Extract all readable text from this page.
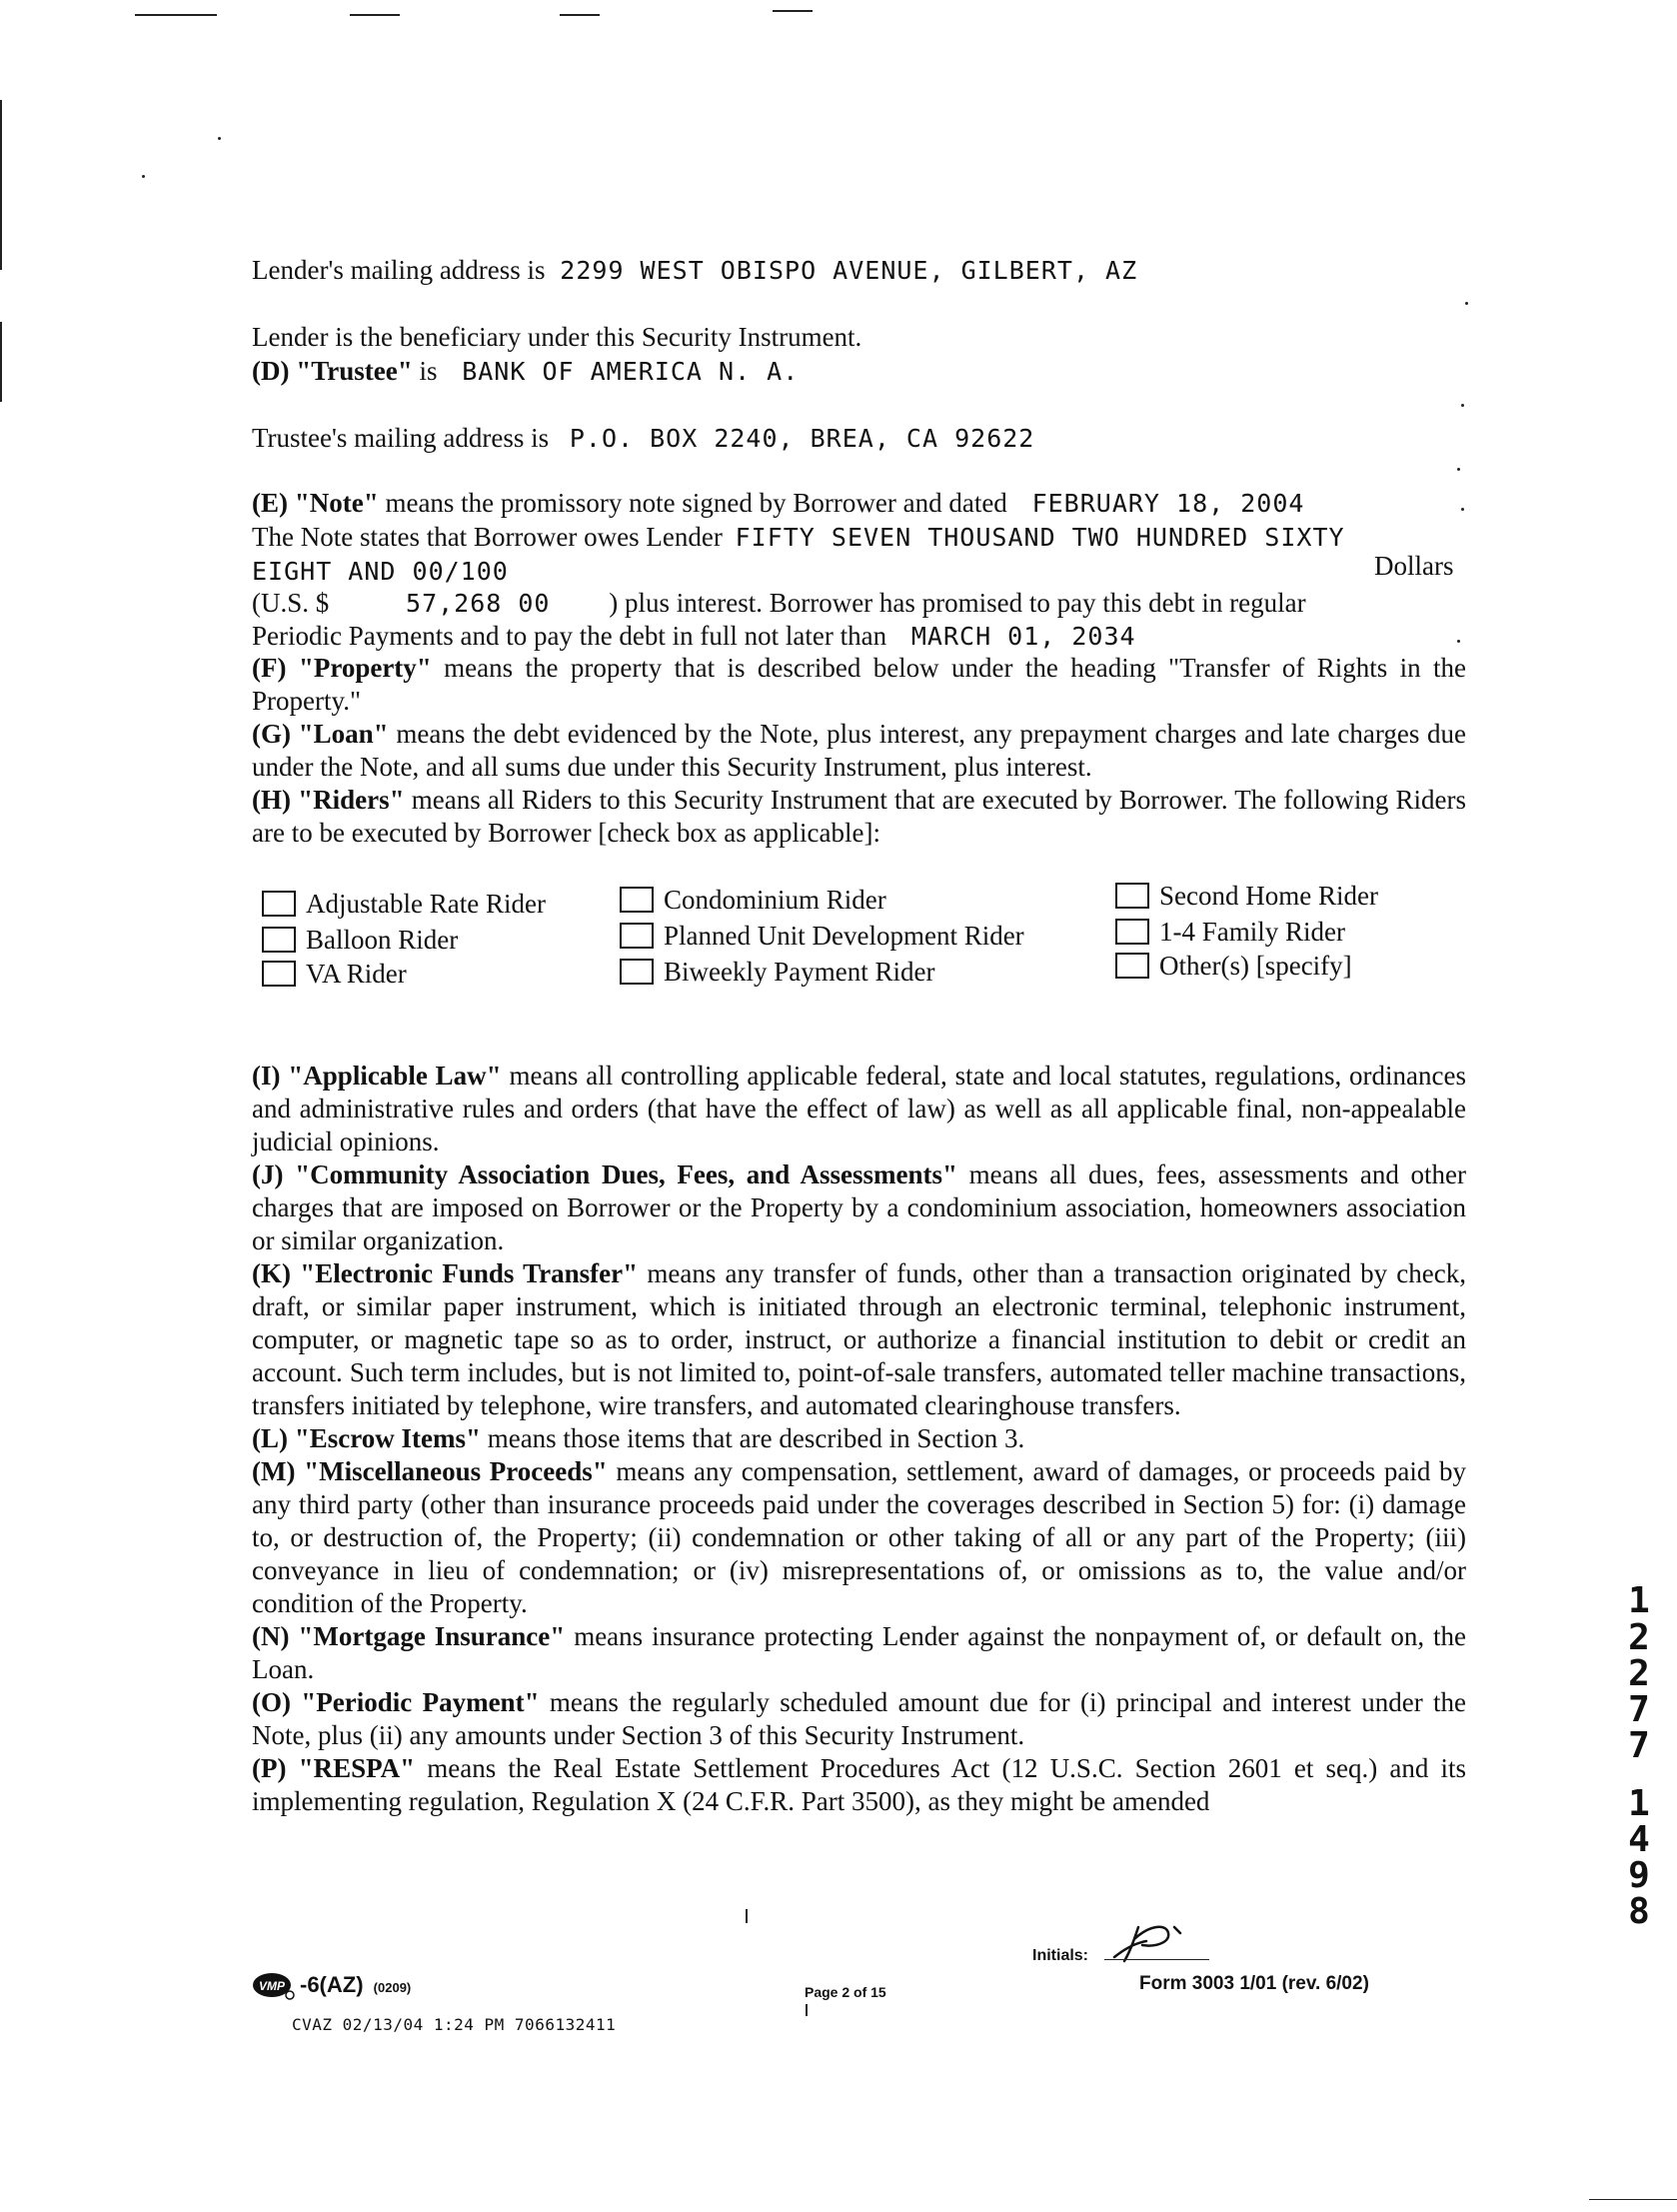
Lender's mailing address is 2299 WEST OBISPO AVENUE, GILBERT, AZ
Lender is the beneficiary under this Security Instrument.
(D) "Trustee" is BANK OF AMERICA N. A.
Trustee's mailing address is P.O. BOX 2240, BREA, CA 92622
(E) "Note" means the promissory note signed by Borrower and dated FEBRUARY 18, 2004
The Note states that Borrower owes Lender FIFTY SEVEN THOUSAND TWO HUNDRED SIXTY
EIGHT AND 00/100	Dollars
(U.S. $	57,268 00 ) plus interest. Borrower has promised to pay this debt in regular
Periodic Payments and to pay the debt in full not later than MARCH 01, 2034

(F) "Property" means the property that is described below under the heading "Transfer of Rights in the Property."

(G) "Loan" means the debt evidenced by the Note, plus interest, any prepayment charges and late charges due under the Note, and all sums due under this Security Instrument, plus interest.

(H) "Riders" means all Riders to this Security Instrument that are executed by Borrower. The following Riders are to be executed by Borrower [check box as applicable]:

Adjustable Rate Rider
Balloon Rider
VA Rider
Condominium Rider
Planned Unit Development Rider
Biweekly Payment Rider
Second Home Rider
1-4 Family Rider
Other(s) [specify]

(I) "Applicable Law" means all controlling applicable federal, state and local statutes, regulations, ordinances and administrative rules and orders (that have the effect of law) as well as all applicable final, non-appealable judicial opinions.

(J) "Community Association Dues, Fees, and Assessments" means all dues, fees, assessments and other charges that are imposed on Borrower or the Property by a condominium association, homeowners association or similar organization.

(K) "Electronic Funds Transfer" means any transfer of funds, other than a transaction originated by check, draft, or similar paper instrument, which is initiated through an electronic terminal, telephonic instrument, computer, or magnetic tape so as to order, instruct, or authorize a financial institution to debit or credit an account. Such term includes, but is not limited to, point-of-sale transfers, automated teller machine transactions, transfers initiated by telephone, wire transfers, and automated clearinghouse transfers.

(L) "Escrow Items" means those items that are described in Section 3.

(M) "Miscellaneous Proceeds" means any compensation, settlement, award of damages, or proceeds paid by any third party (other than insurance proceeds paid under the coverages described in Section 5) for: (i) damage to, or destruction of, the Property; (ii) condemnation or other taking of all or any part of the Property; (iii) conveyance in lieu of condemnation; or (iv) misrepresentations of, or omissions as to, the value and/or condition of the Property.

(N) "Mortgage Insurance" means insurance protecting Lender against the nonpayment of, or default on, the Loan.

(O) "Periodic Payment" means the regularly scheduled amount due for (i) principal and interest under the Note, plus (ii) any amounts under Section 3 of this Security Instrument.

(P) "RESPA" means the Real Estate Settlement Procedures Act (12 U.S.C. Section 2601 et seq.) and its implementing regulation, Regulation X (24 C.F.R. Part 3500), as they might be amended

1
2
2
7
7
1
4
9
8
VMP -6(AZ) (0209)	Page 2 of 15
Initials:
Form 3003 1/01 (rev. 6/02)
CVAZ 02/13/04 1:24 PM 7066132411
